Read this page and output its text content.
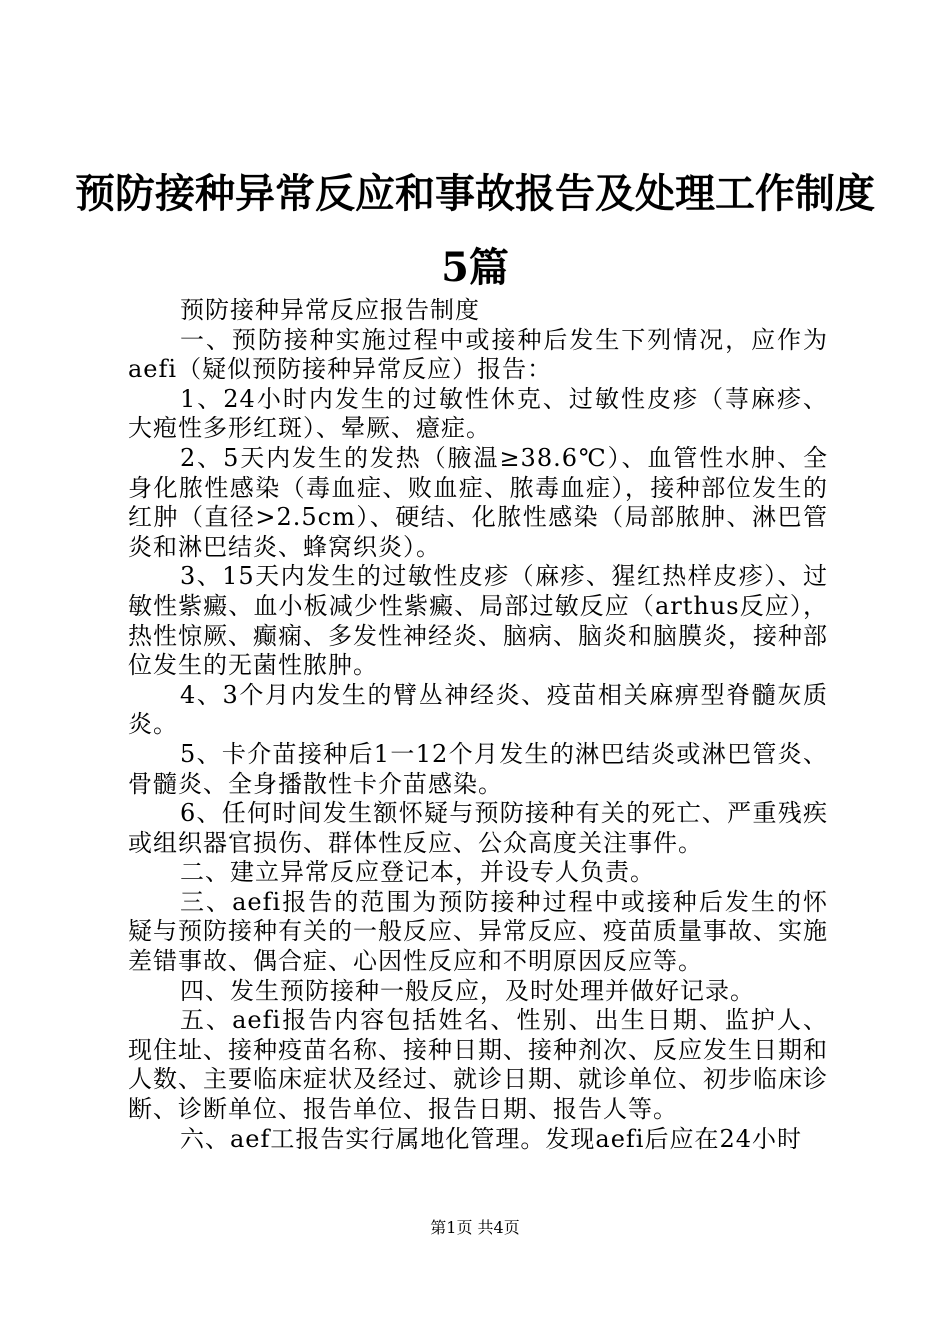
预防接种异常反应和事故报告及处理工作制度
5篇

预防接种异常反应报告制度

一、预防接种实施过程中或接种后发生下列情况，应作为aefi（疑似预防接种异常反应）报告：

1、24小时内发生的过敏性休克、过敏性皮疹（荨麻疹、大疱性多形红斑）、晕厥、癔症。

2、5天内发生的发热（腋温≥38.6℃）、血管性水肿、全身化脓性感染（毒血症、败血症、脓毒血症），接种部位发生的红肿（直径>2.5cm）、硬结、化脓性感染（局部脓肿、淋巴管炎和淋巴结炎、蜂窝织炎）。

3、15天内发生的过敏性皮疹（麻疹、猩红热样皮疹）、过敏性紫癜、血小板减少性紫癜、局部过敏反应（arthus反应），热性惊厥、癫痫、多发性神经炎、脑病、脑炎和脑膜炎，接种部位发生的无菌性脓肿。

4、3个月内发生的臂丛神经炎、疫苗相关麻痹型脊髓灰质炎。

5、卡介苗接种后1一12个月发生的淋巴结炎或淋巴管炎、骨髓炎、全身播散性卡介苗感染。

6、任何时间发生额怀疑与预防接种有关的死亡、严重残疾或组织器官损伤、群体性反应、公众高度关注事件。

二、建立异常反应登记本，并设专人负责。

三、aefi报告的范围为预防接种过程中或接种后发生的怀疑与预防接种有关的一般反应、异常反应、疫苗质量事故、实施差错事故、偶合症、心因性反应和不明原因反应等。

四、发生预防接种一般反应，及时处理并做好记录。

五、aefi报告内容包括姓名、性别、出生日期、监护人、现住址、接种疫苗名称、接种日期、接种剂次、反应发生日期和人数、主要临床症状及经过、就诊日期、就诊单位、初步临床诊断、诊断单位、报告单位、报告日期、报告人等。

六、aef工报告实行属地化管理。发现aefi后应在24小时

第1页 共4页
